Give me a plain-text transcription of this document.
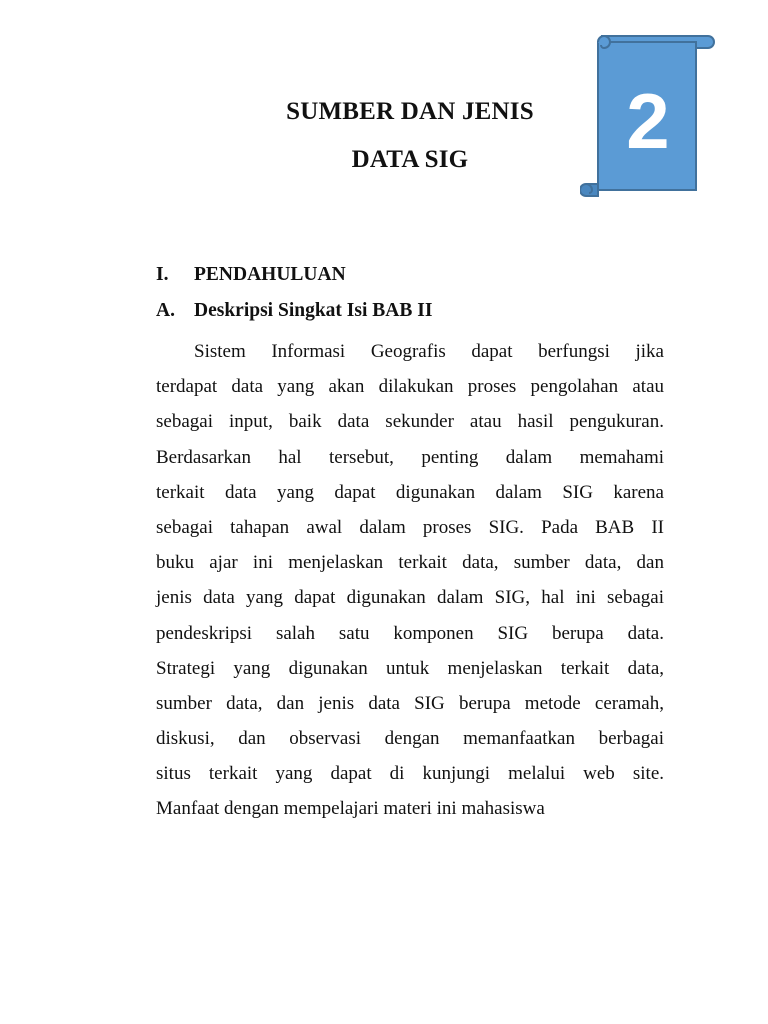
SUMBER DAN JENIS
DATA SIG	2
I. PENDAHULUAN
A. Deskripsi Singkat Isi BAB II
Sistem Informasi Geografis dapat berfungsi jika
terdapat data yang akan dilakukan proses pengolahan atau
sebagai input, baik data sekunder atau hasil pengukuran.
Berdasarkan hal tersebut, penting dalam memahami
terkait data yang dapat digunakan dalam SIG karena
sebagai tahapan awal dalam proses SIG. Pada BAB II
buku ajar ini menjelaskan terkait data, sumber data, dan
jenis data yang dapat digunakan dalam SIG, hal ini sebagai
pendeskripsi salah satu komponen SIG berupa data.
Strategi yang digunakan untuk menjelaskan terkait data,
sumber data, dan jenis data SIG berupa metode ceramah,
diskusi, dan observasi dengan memanfaatkan berbagai
situs terkait yang dapat di kunjungi melalui web site.
Manfaat dengan mempelajari materi ini mahasiswa
